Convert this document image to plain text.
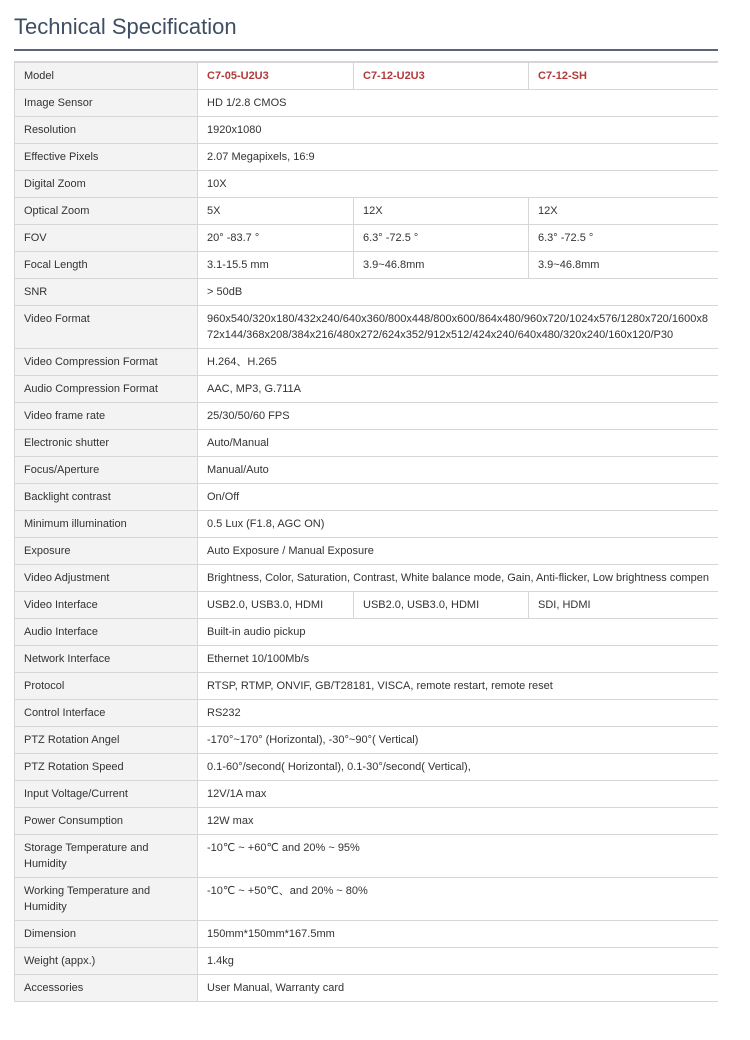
Technical Specification
Model	C7-05-U2U3	C7-12-U2U3	C7-12-SH
Image Sensor	HD 1/2.8 CMOS		
Resolution	1920x1080		
Effective Pixels	2.07 Megapixels, 16:9		
Digital Zoom	10X		
Optical Zoom	5X	12X	12X
FOV	20° -83.7 °	6.3° -72.5 °	6.3° -72.5 °
Focal Length	3.1-15.5 mm	3.9~46.8mm	3.9~46.8mm
SNR	> 50dB		
Video Format	960x540/320x180/432x240/640x360/800x448/800x600/864x480/960x720/1024x576/1280x720/1600x8
72x144/368x208/384x216/480x272/624x352/912x512/424x240/640x480/320x240/160x120/P30		

Video Compression Format	H.264、H.265		
Audio Compression Format	AAC, MP3, G.711A		
Video frame rate	25/30/50/60 FPS		
Electronic shutter	Auto/Manual		
Focus/Aperture	Manual/Auto		
Backlight contrast	On/Off		
Minimum illumination	0.5 Lux (F1.8, AGC ON)		
Exposure	Auto Exposure / Manual Exposure		
Video Adjustment	Brightness, Color, Saturation, Contrast, White balance mode, Gain, Anti-flicker, Low brightness compen		
Video Interface	USB2.0, USB3.0, HDMI	USB2.0, USB3.0, HDMI	SDI, HDMI
Audio Interface	Built-in audio pickup		
Network Interface	Ethernet 10/100Mb/s		
Protocol	RTSP, RTMP, ONVIF, GB/T28181, VISCA, remote restart, remote reset		
Control Interface	RS232		
PTZ Rotation Angel	-170°~170° (Horizontal), -30°~90°( Vertical)		
PTZ Rotation Speed	0.1-60°/second( Horizontal), 0.1-30°/second( Vertical),		
Input Voltage/Current	12V/1A max		
Power Consumption	12W max		
Storage Temperature and Humidity	-10℃ ~ +60℃ and 20% ~ 95%		
Working Temperature and Humidity	-10℃ ~ +50℃、and 20% ~ 80%		
Dimension	150mm*150mm*167.5mm		
Weight (appx.)	1.4kg		
Accessories	User Manual, Warranty card		
